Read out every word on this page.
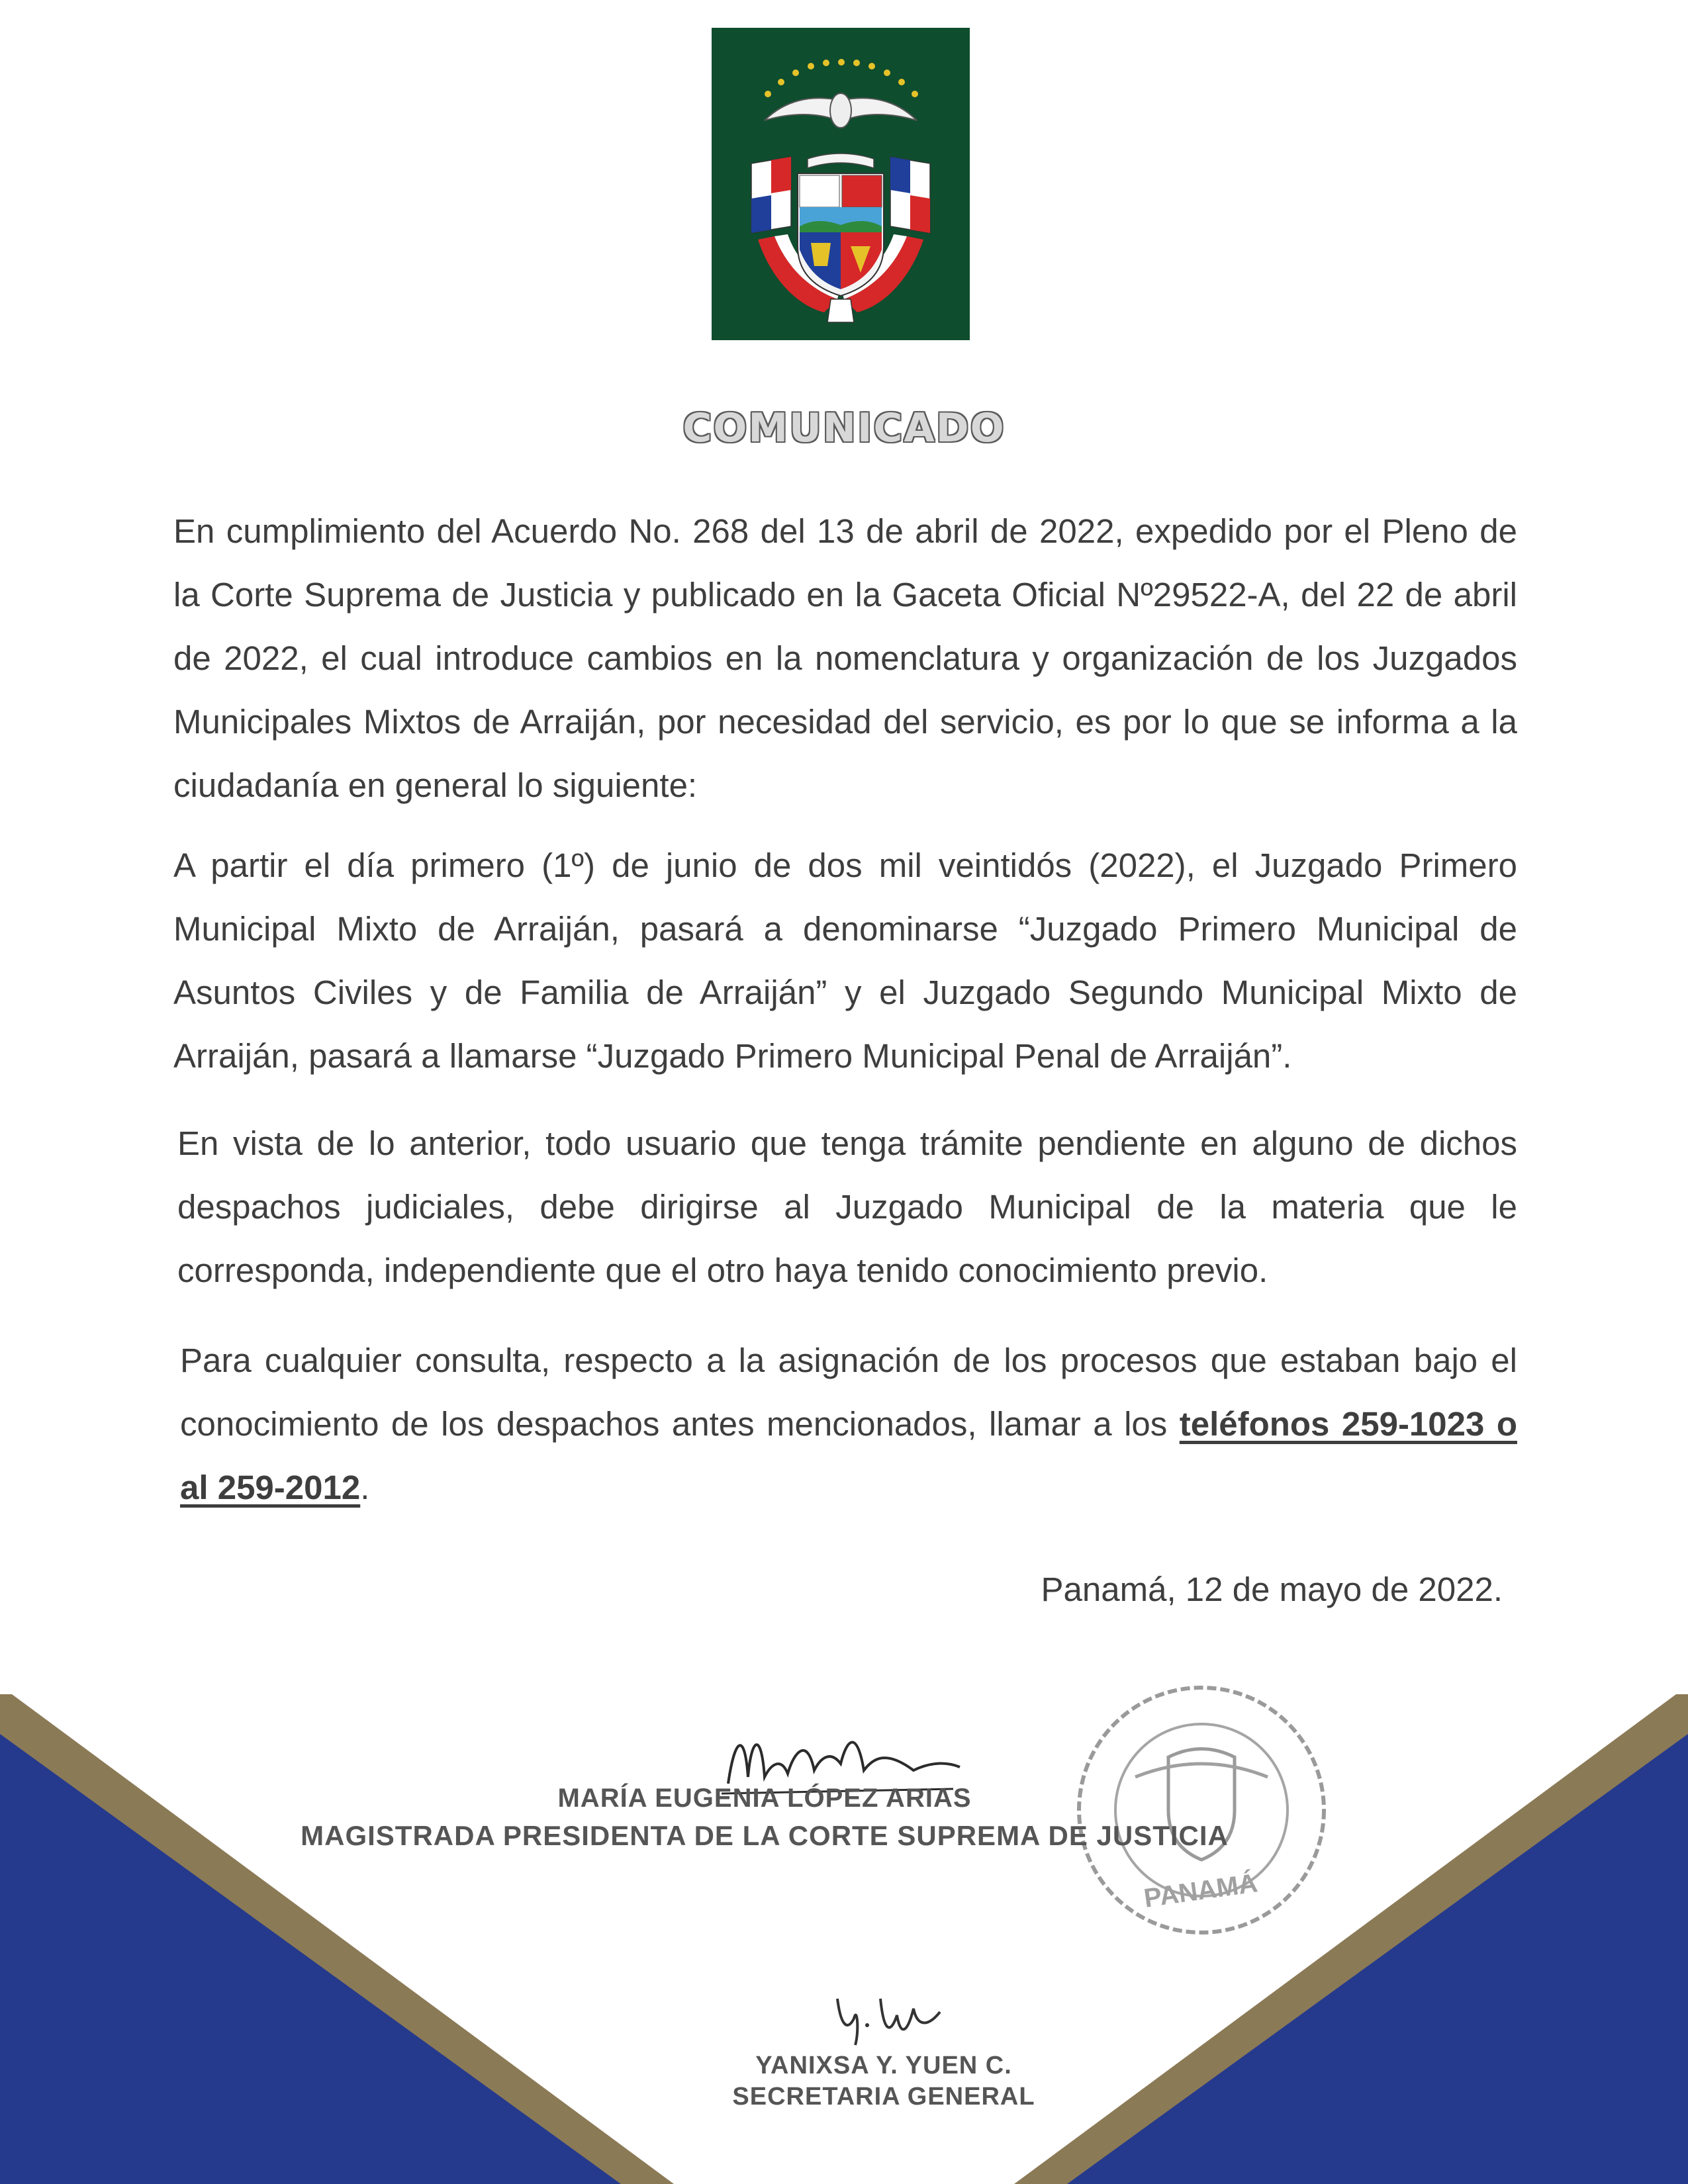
COMUNICADO
En cumplimiento del Acuerdo No. 268 del 13 de abril de 2022, expedido por el Pleno de la Corte Suprema de Justicia y publicado en la Gaceta Oficial Nº29522-A, del 22 de abril de 2022, el cual introduce cambios en la nomenclatura y organización de los Juzgados Municipales Mixtos de Arraiján, por necesidad del servicio, es por lo que se informa a la ciudadanía en general lo siguiente:
A partir el día primero (1º) de junio de dos mil veintidós (2022), el Juzgado Primero Municipal Mixto de Arraiján, pasará a denominarse “Juzgado Primero Municipal de Asuntos Civiles y de Familia de Arraiján” y el Juzgado Segundo Municipal Mixto de Arraiján, pasará a llamarse “Juzgado Primero Municipal Penal de Arraiján”.
En vista de lo anterior, todo usuario que tenga trámite pendiente en alguno de dichos despachos judiciales, debe dirigirse al Juzgado Municipal de la materia que le corresponda, independiente que el otro haya tenido conocimiento previo.
Para cualquier consulta, respecto a la asignación de los procesos que estaban bajo el conocimiento de los despachos antes mencionados, llamar a los teléfonos 259-1023 o al 259-2012.
Panamá, 12 de mayo de 2022.
PANAMÁ
MARÍA EUGENIA LÓPEZ ARIAS
MAGISTRADA PRESIDENTA DE LA CORTE SUPREMA DE JUSTICIA
YANIXSA Y. YUEN C.
SECRETARIA GENERAL
